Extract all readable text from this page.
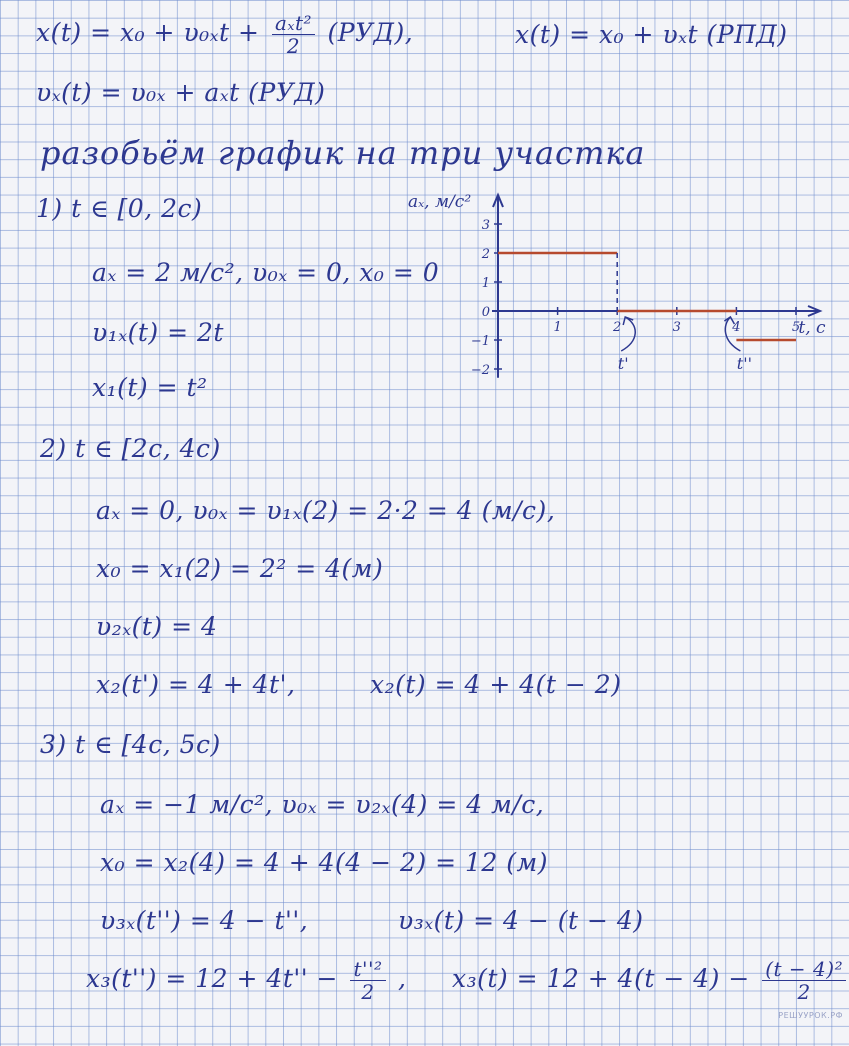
$x(t) = x_0 + \upsilon_{0x}t + \frac{\text{aₓt²}}{2} (РУД)$,	x(t) = x₀ + υₓt (РПД)
υₓ(t) = υ₀ₓ + aₓt (РУД)
разобьём график на три участка
1) t ∈ [0, 2с)
aₓ = 2 м/с², υ₀ₓ = 0, x₀ = 0
υ₁ₓ(t) = 2t
x₁(t) = t²
2) t ∈ [2с, 4с)
aₓ = 0, υ₀ₓ = υ₁ₓ(2) = 2·2 = 4 (м/с),
x₀ = x₁(2) = 2² = 4(м)
υ₂ₓ(t) = 4
x₂(t') = 4 + 4t',	x₂(t) = 4 + 4(t − 2)
3) t ∈ [4с, 5с)
aₓ = −1 м/с², υ₀ₓ = υ₂ₓ(4) = 4 м/с,
x₀ = x₂(4) = 4 + 4(4 − 2) = 12 (м)
υ₃ₓ(t'') = 4 − t'',	υ₃ₓ(t) = 4 − (t − 4)
$x_3(t'') = 12 + 4t'' - \frac{\text{t''²}}{2}$ , $x_3(t) = 12 + 4(t - 4) - \frac{\text{(t − 4)²}}{2}$
3
2
1
0
−1
−2
1	2	3	4	5
aₓ, м/с²
t, с
t'	t''
РЕШУУРОК.РФ
